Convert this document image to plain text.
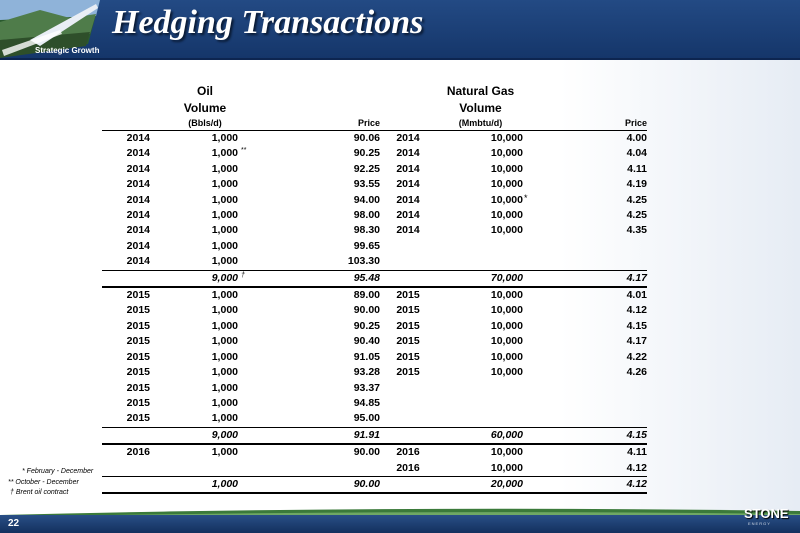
Hedging Transactions
Strategic Growth
	Oil			Natural Gas	
	Volume			Volume	
	(Bbls/d)	Price		(Mmbtu/d)	Price
2014	1,000	90.06	2014	10,000	4.00
2014	1,000 **	90.25	2014	10,000	4.04
2014	1,000	92.25	2014	10,000	4.11
2014	1,000	93.55	2014	10,000	4.19
2014	1,000	94.00	2014	10,000*	4.25
2014	1,000	98.00	2014	10,000	4.25
2014	1,000	98.30	2014	10,000	4.35
2014	1,000	99.65			
2014	1,000	103.30			
	9,000 †	95.48		70,000	4.17
2015	1,000	89.00	2015	10,000	4.01
2015	1,000	90.00	2015	10,000	4.12
2015	1,000	90.25	2015	10,000	4.15
2015	1,000	90.40	2015	10,000	4.17
2015	1,000	91.05	2015	10,000	4.22
2015	1,000	93.28	2015	10,000	4.26
2015	1,000	93.37			
2015	1,000	94.85			
2015	1,000	95.00			
	9,000	91.91		60,000	4.15
2016	1,000	90.00	2016	10,000	4.11
			2016	10,000	4.12
	1,000	90.00		20,000	4.12
* February - December
** October - December
† Brent oil contract
22
STONE
ENERGY
